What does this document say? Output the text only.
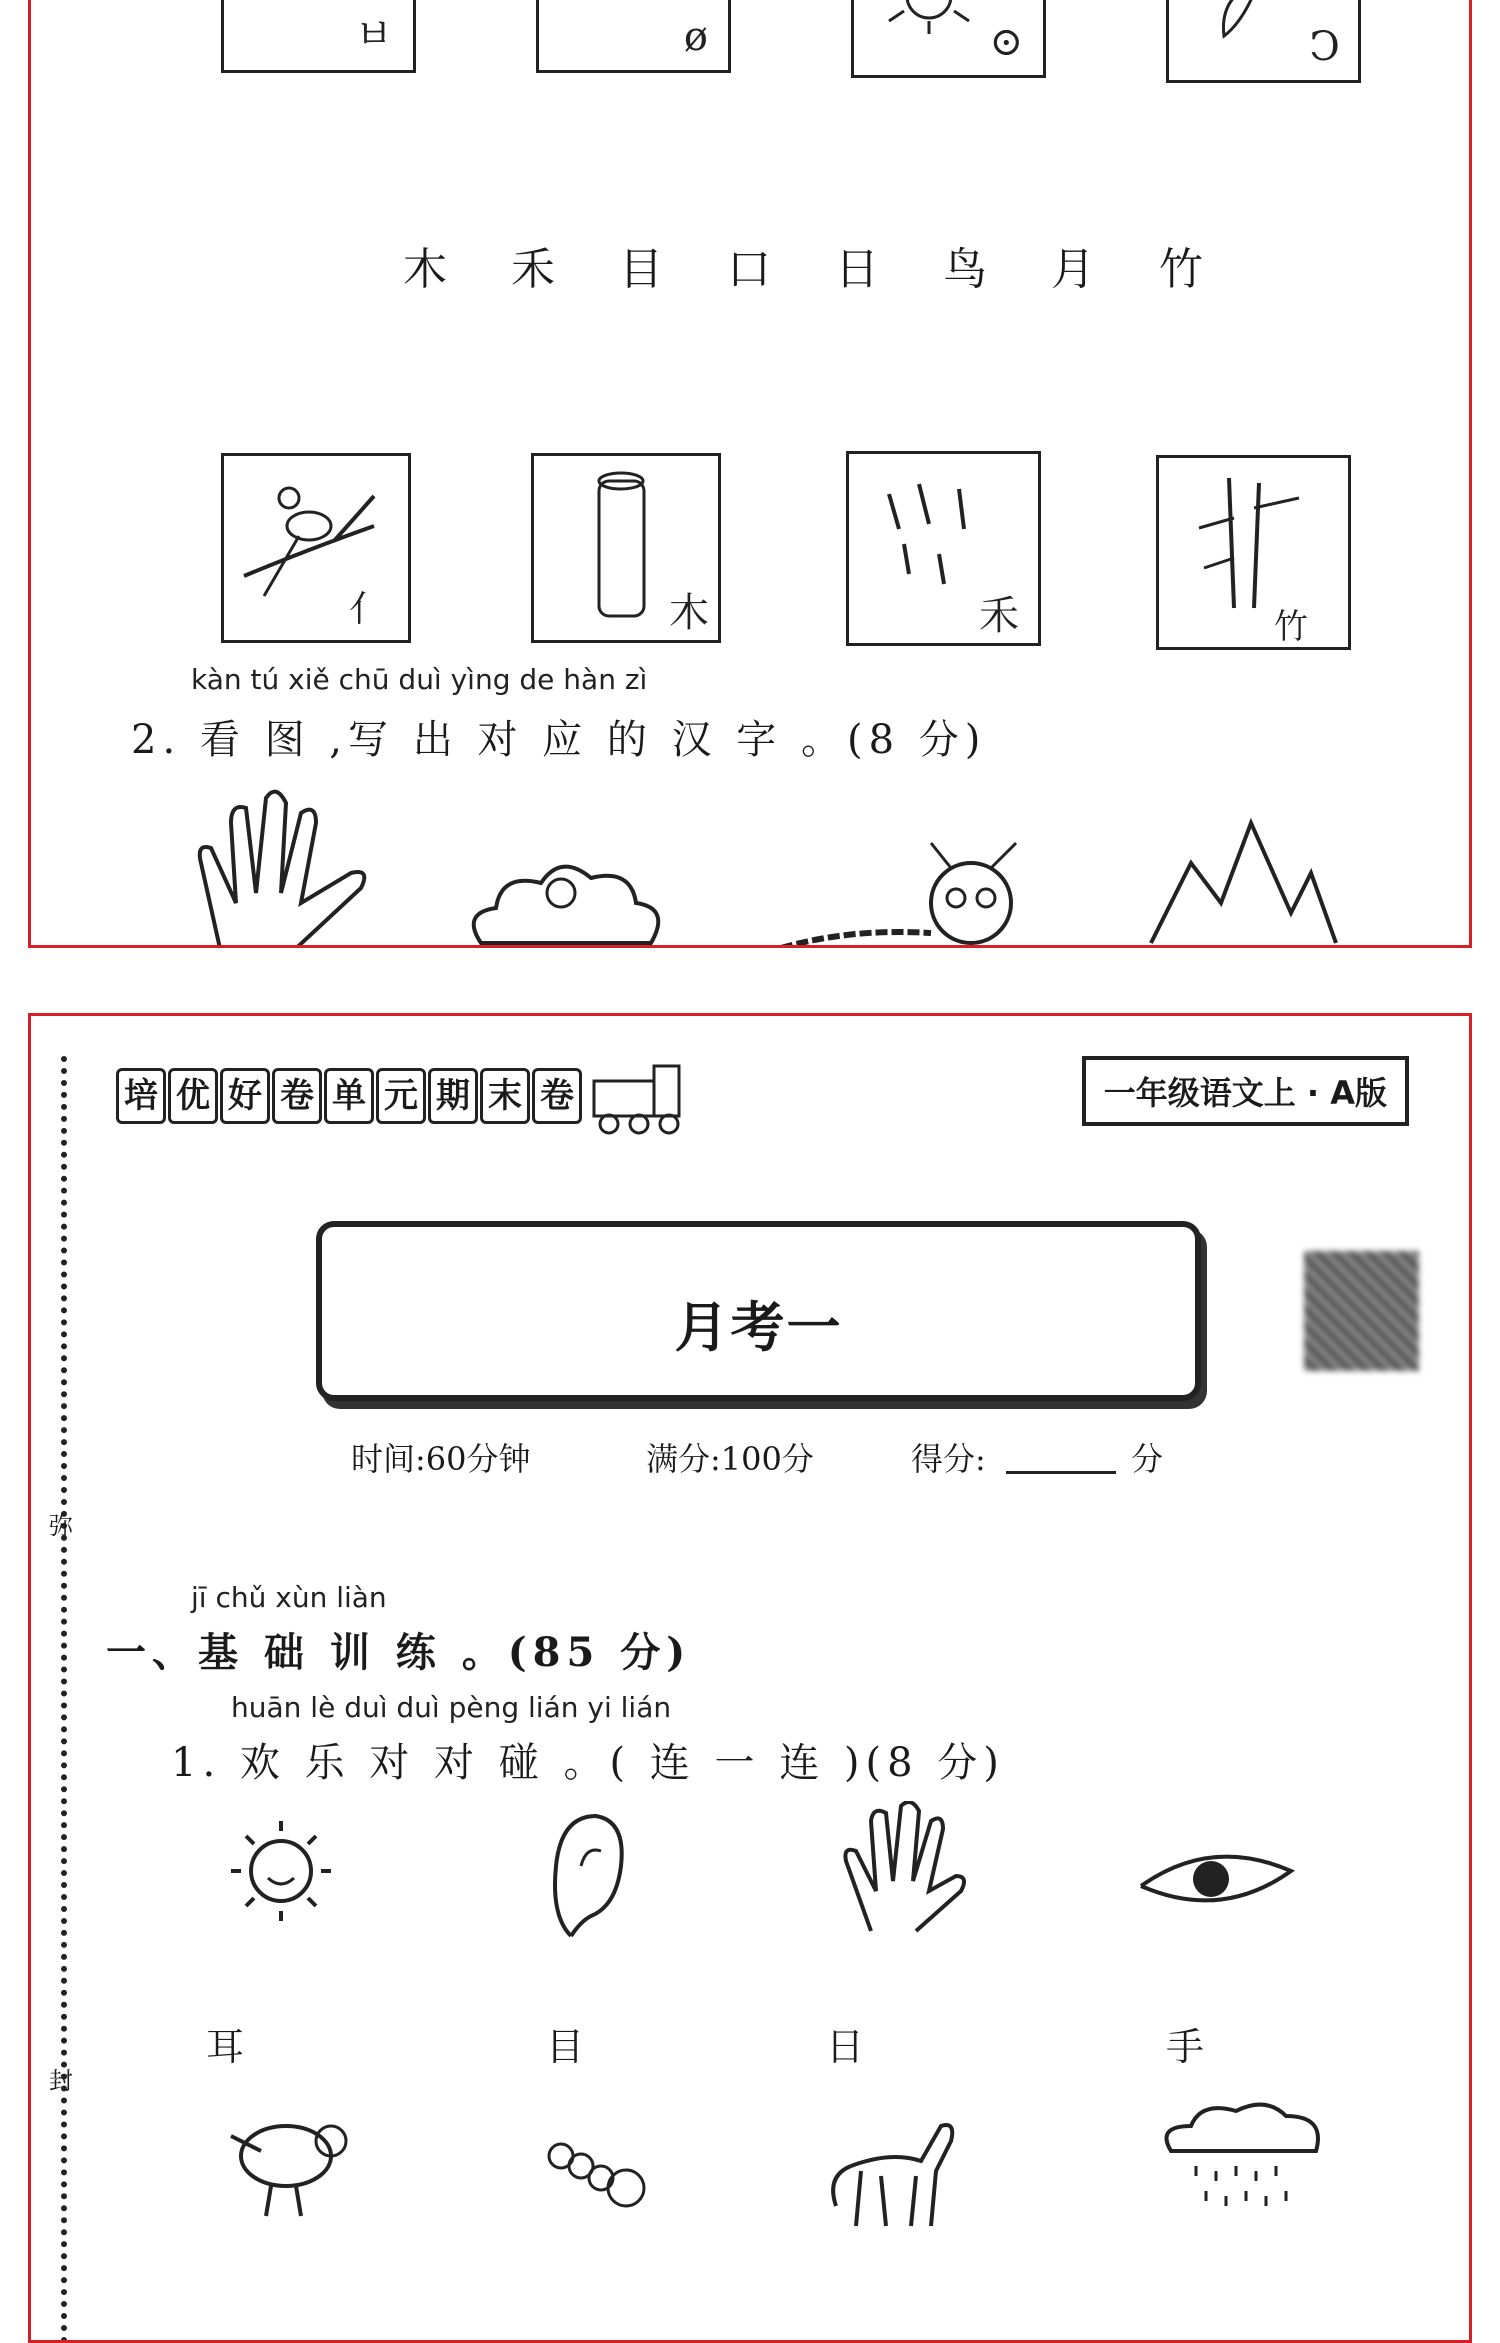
ㅂ	ø	⊙	Ↄ
木	禾	目	口	日	鸟	月	竹
⺅	木	禾	竹
kàn tú xiě chū duì yìng de hàn zì
2. 看 图 ,写 出 对 应 的 汉 字 。(8 分)
弥
封
培 优 好 卷 单 元 期 末 卷	一年级语文上 · A版
月考一
时间:60分钟	满分:100分	得分:	分
jī chǔ xùn liàn
一、基 础 训 练 。(85 分)
huān lè duì duì pèng lián yi lián
1. 欢 乐 对 对 碰 。( 连 一 连 )(8 分)
耳	目	日	手
